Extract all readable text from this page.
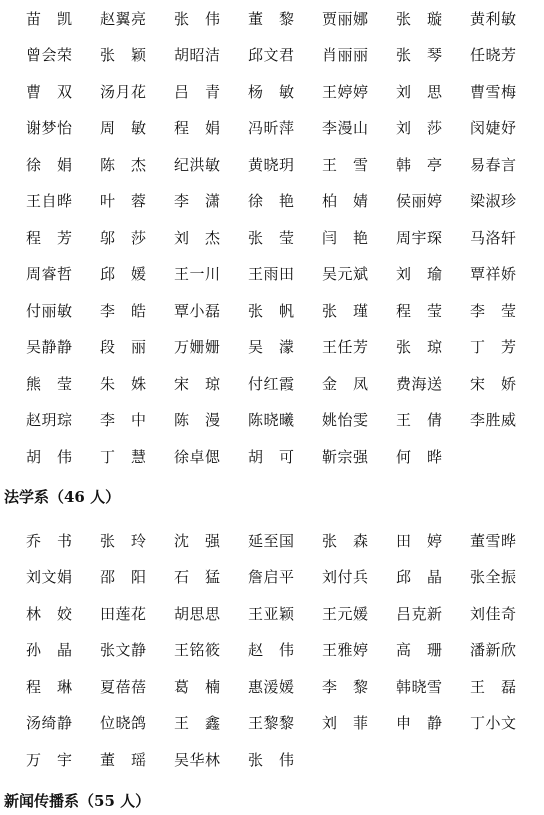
苗　凯	赵翼亮	张　伟	董　黎	贾丽娜	张　璇	黄利敏
曾会荣	张　颖	胡昭洁	邱文君	肖丽丽	张　琴	任晓芳
曹　双	汤月花	吕　青	杨　敏	王婷婷	刘　思	曹雪梅
谢梦怡	周　敏	程　娟	冯昕萍	李漫山	刘　莎	闵婕妤
徐　娟	陈　杰	纪洪敏	黄晓玥	王　雪	韩　亭	易春言
王自晔	叶　蓉	李　潇	徐　艳	柏　婧	侯丽婷	梁淑珍
程　芳	邬　莎	刘　杰	张　莹	闫　艳	周宇琛	马洛轩
周睿哲	邱　媛	王一川	王雨田	吴元斌	刘　瑜	覃祥娇
付丽敏	李　皓	覃小磊	张　帆	张　瑾	程　莹	李　莹
吴静静	段　丽	万姗姗	吴　濛	王任芳	张　琼	丁　芳
熊　莹	朱　姝	宋　琼	付红霞	金　凤	费海送	宋　娇
赵玥琮	李　中	陈　漫	陈晓曦	姚怡雯	王　倩	李胜威
胡　伟	丁　慧	徐卓偲	胡　可	靳宗强	何　晔
法学系（46 人）
乔　书	张　玲	沈　强	延至国	张　森	田　婷	董雪晔
刘文娟	邵　阳	石　猛	詹启平	刘付兵	邱　晶	张全振
林　姣	田莲花	胡思思	王亚颖	王元媛	吕克新	刘佳奇
孙　晶	张文静	王铭筱	赵　伟	王雅婷	高　珊	潘新欣
程　琳	夏蓓蓓	葛　楠	惠湲媛	李　黎	韩晓雪	王　磊
汤绮静	位晓鸽	王　鑫	王黎黎	刘　菲	申　静	丁小文
万　宇	董　瑶	吴华林	张　伟
新闻传播系（55 人）
